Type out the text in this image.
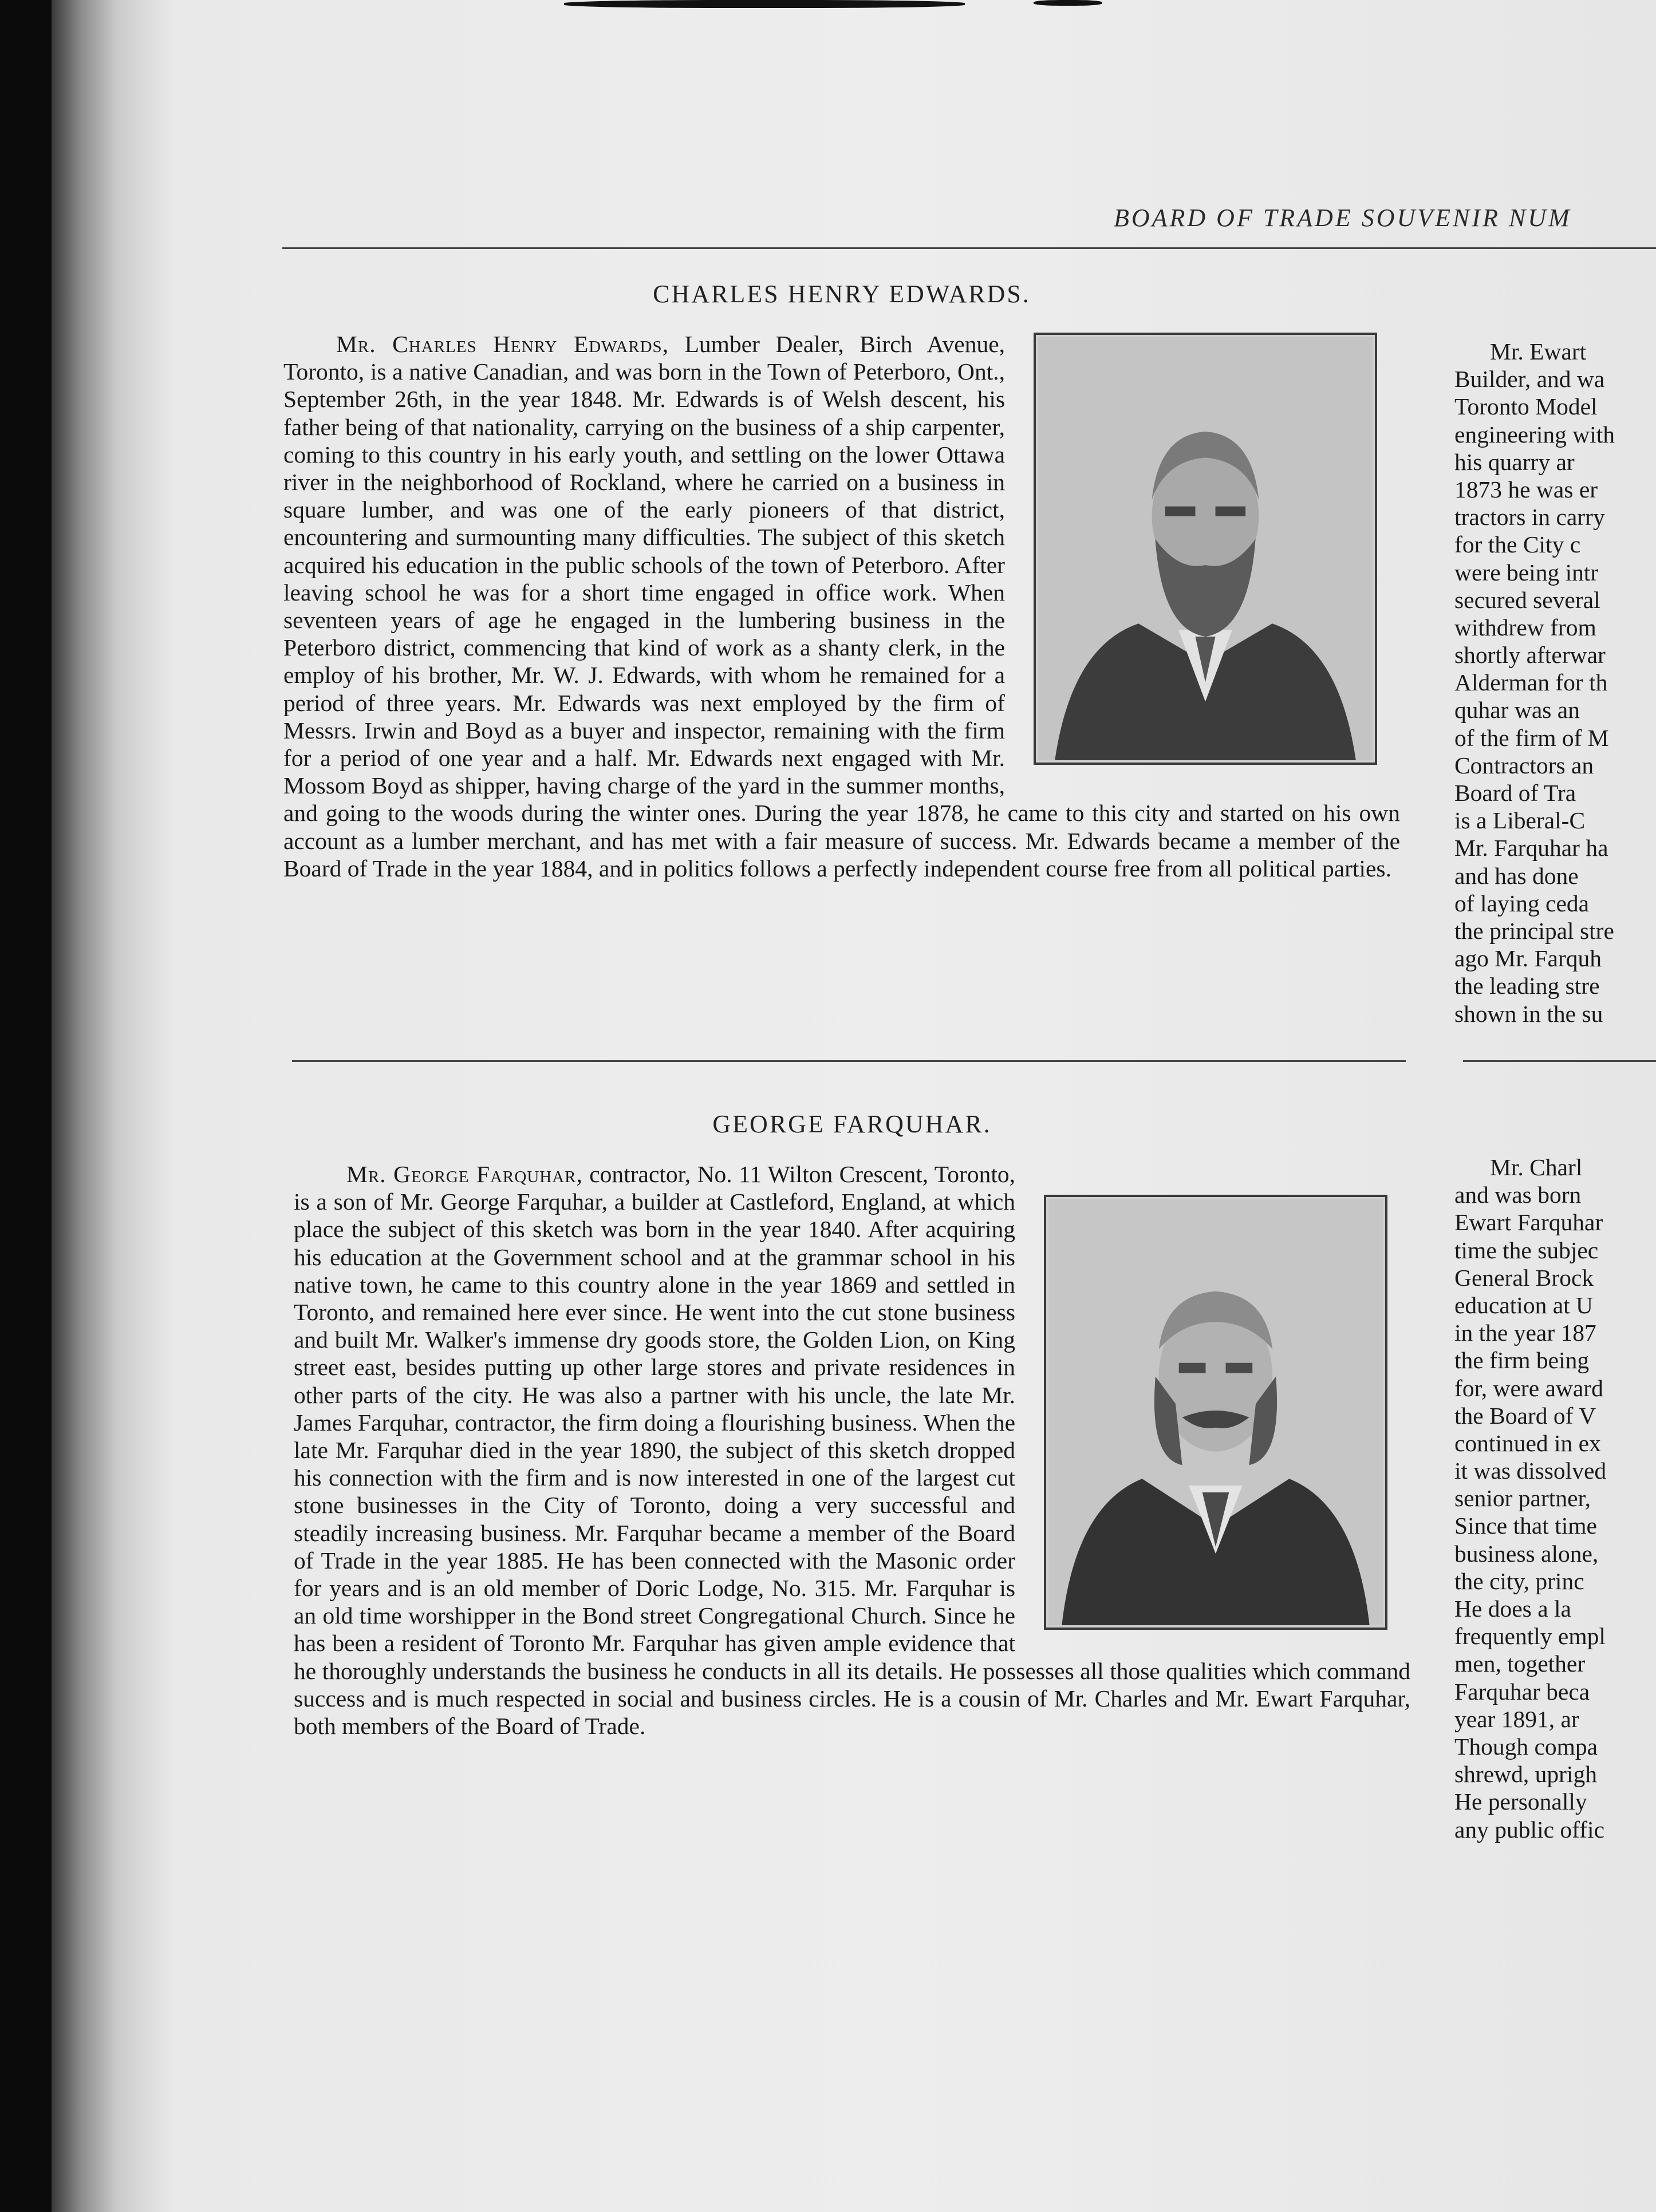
BOARD OF TRADE SOUVENIR NUM
CHARLES HENRY EDWARDS.

Mr. Charles Henry Edwards, Lumber Dealer, Birch Avenue, Toronto, is a native Canadian, and was born in the Town of Peterboro, Ont., September 26th, in the year 1848. Mr. Edwards is of Welsh descent, his father being of that nationality, carrying on the business of a ship carpenter, coming to this country in his early youth, and settling on the lower Ottawa river in the neighborhood of Rockland, where he carried on a business in square lumber, and was one of the early pioneers of that district, encountering and surmounting many difficulties. The subject of this sketch acquired his education in the public schools of the town of Peterboro. After leaving school he was for a short time engaged in office work. When seventeen years of age he engaged in the lumbering business in the Peterboro district, commencing that kind of work as a shanty clerk, in the employ of his brother, Mr. W. J. Edwards, with whom he remained for a period of three years. Mr. Edwards was next employed by the firm of Messrs. Irwin and Boyd as a buyer and inspector, remaining with the firm for a period of one year and a half. Mr. Edwards next engaged with Mr. Mossom Boyd as shipper, having charge of the yard in the summer months, and going to the woods during the winter ones. During the year 1878, he came to this city and started on his own account as a lumber merchant, and has met with a fair measure of success. Mr. Edwards became a member of the Board of Trade in the year 1884, and in politics follows a perfectly independent course free from all political parties.

GEORGE FARQUHAR.

Mr. George Farquhar, contractor, No. 11 Wilton Crescent, Toronto, is a son of Mr. George Farquhar, a builder at Castleford, England, at which place the subject of this sketch was born in the year 1840. After acquiring his education at the Government school and at the grammar school in his native town, he came to this country alone in the year 1869 and settled in Toronto, and remained here ever since. He went into the cut stone business and built Mr. Walker's immense dry goods store, the Golden Lion, on King street east, besides putting up other large stores and private residences in other parts of the city. He was also a partner with his uncle, the late Mr. James Farquhar, contractor, the firm doing a flourishing business. When the late Mr. Farquhar died in the year 1890, the subject of this sketch dropped his connection with the firm and is now interested in one of the largest cut stone businesses in the City of Toronto, doing a very successful and steadily increasing business. Mr. Farquhar became a member of the Board of Trade in the year 1885. He has been connected with the Masonic order for years and is an old member of Doric Lodge, No. 315. Mr. Farquhar is an old time worshipper in the Bond street Congregational Church. Since he has been a resident of Toronto Mr. Farquhar has given ample evidence that he thoroughly understands the business he conducts in all its details. He possesses all those qualities which command success and is much respected in social and business circles. He is a cousin of Mr. Charles and Mr. Ewart Farquhar, both members of the Board of Trade.

Mr. Ewart
Builder, and wa
Toronto Model
engineering with
his quarry ar
1873 he was er
tractors in carry
for the City c
were being intr
secured several
withdrew from
shortly afterwar
Alderman for th
quhar was an
of the firm of M
Contractors an
Board of Tra
is a Liberal-C
Mr. Farquhar ha
and has done
of laying ceda
the principal stre
ago Mr. Farquh
the leading stre
shown in the su
Mr. Charl
and was born
Ewart Farquhar
time the subjec
General Brock
education at U
in the year 187
the firm being
for, were award
the Board of V
continued in ex
it was dissolved
senior partner,
Since that time
business alone,
the city, princ
He does a la
frequently empl
men, together
Farquhar beca
year 1891, ar
Though compa
shrewd, uprigh
He personally
any public offic
